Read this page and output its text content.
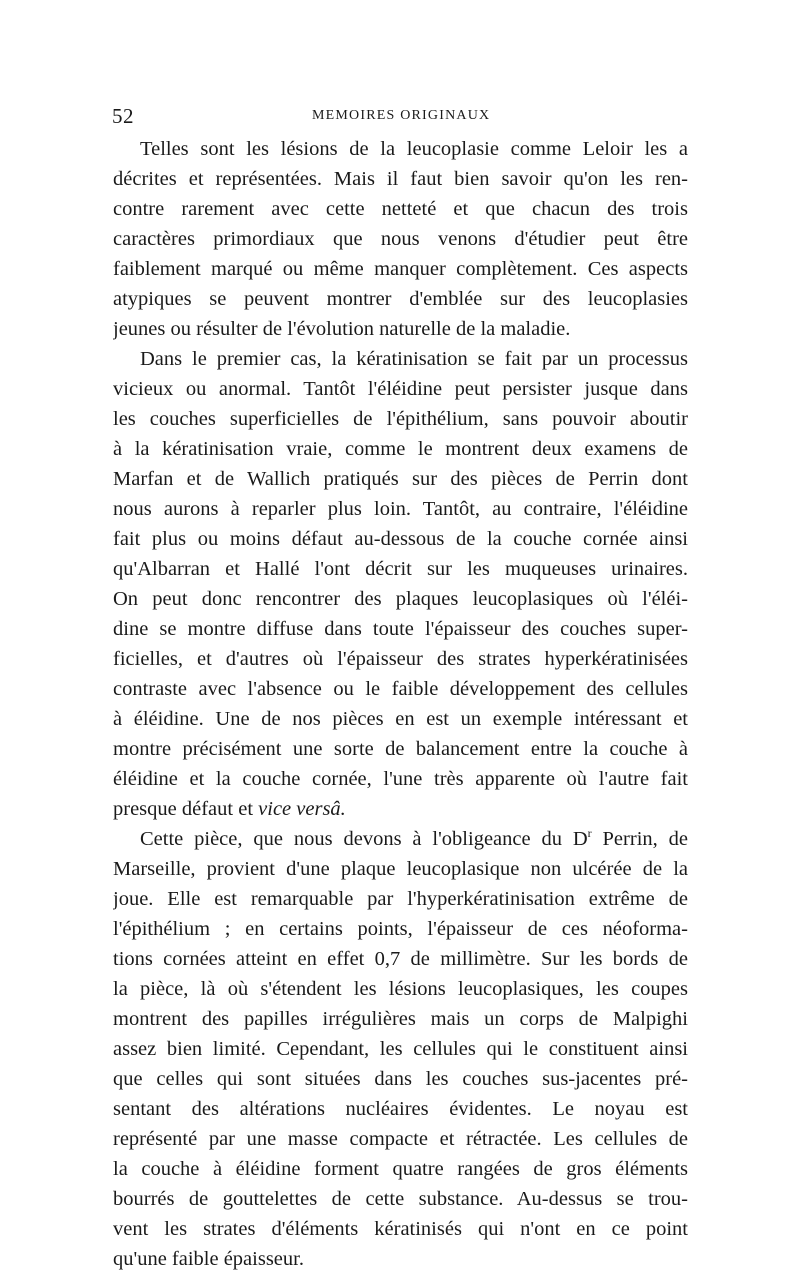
52	MEMOIRES ORIGINAUX
Telles sont les lésions de la leucoplasie comme Leloir les a
décrites et représentées. Mais il faut bien savoir qu'on les ren-
contre rarement avec cette netteté et que chacun des trois
caractères primordiaux que nous venons d'étudier peut être
faiblement marqué ou même manquer complètement. Ces aspects
atypiques se peuvent montrer d'emblée sur des leucoplasies
jeunes ou résulter de l'évolution naturelle de la maladie.
Dans le premier cas, la kératinisation se fait par un processus
vicieux ou anormal. Tantôt l'éléidine peut persister jusque dans
les couches superficielles de l'épithélium, sans pouvoir aboutir
à la kératinisation vraie, comme le montrent deux examens de
Marfan et de Wallich pratiqués sur des pièces de Perrin dont
nous aurons à reparler plus loin. Tantôt, au contraire, l'éléidine
fait plus ou moins défaut au-dessous de la couche cornée ainsi
qu'Albarran et Hallé l'ont décrit sur les muqueuses urinaires.
On peut donc rencontrer des plaques leucoplasiques où l'éléi-
dine se montre diffuse dans toute l'épaisseur des couches super-
ficielles, et d'autres où l'épaisseur des strates hyperkératinisées
contraste avec l'absence ou le faible développement des cellules
à éléidine. Une de nos pièces en est un exemple intéressant et
montre précisément une sorte de balancement entre la couche à
éléidine et la couche cornée, l'une très apparente où l'autre fait
presque défaut et vice versâ.
Cette pièce, que nous devons à l'obligeance du $D^r$ Perrin, de
Marseille, provient d'une plaque leucoplasique non ulcérée de la
joue. Elle est remarquable par l'hyperkératinisation extrême de
l'épithélium ; en certains points, l'épaisseur de ces néoforma-
tions cornées atteint en effet 0,7 de millimètre. Sur les bords de
la pièce, là où s'étendent les lésions leucoplasiques, les coupes
montrent des papilles irrégulières mais un corps de Malpighi
assez bien limité. Cependant, les cellules qui le constituent ainsi
que celles qui sont situées dans les couches sus-jacentes pré-
sentant des altérations nucléaires évidentes. Le noyau est
représenté par une masse compacte et rétractée. Les cellules de
la couche à éléidine forment quatre rangées de gros éléments
bourrés de gouttelettes de cette substance. Au-dessus se trou-
vent les strates d'éléments kératinisés qui n'ont en ce point
qu'une faible épaisseur.
